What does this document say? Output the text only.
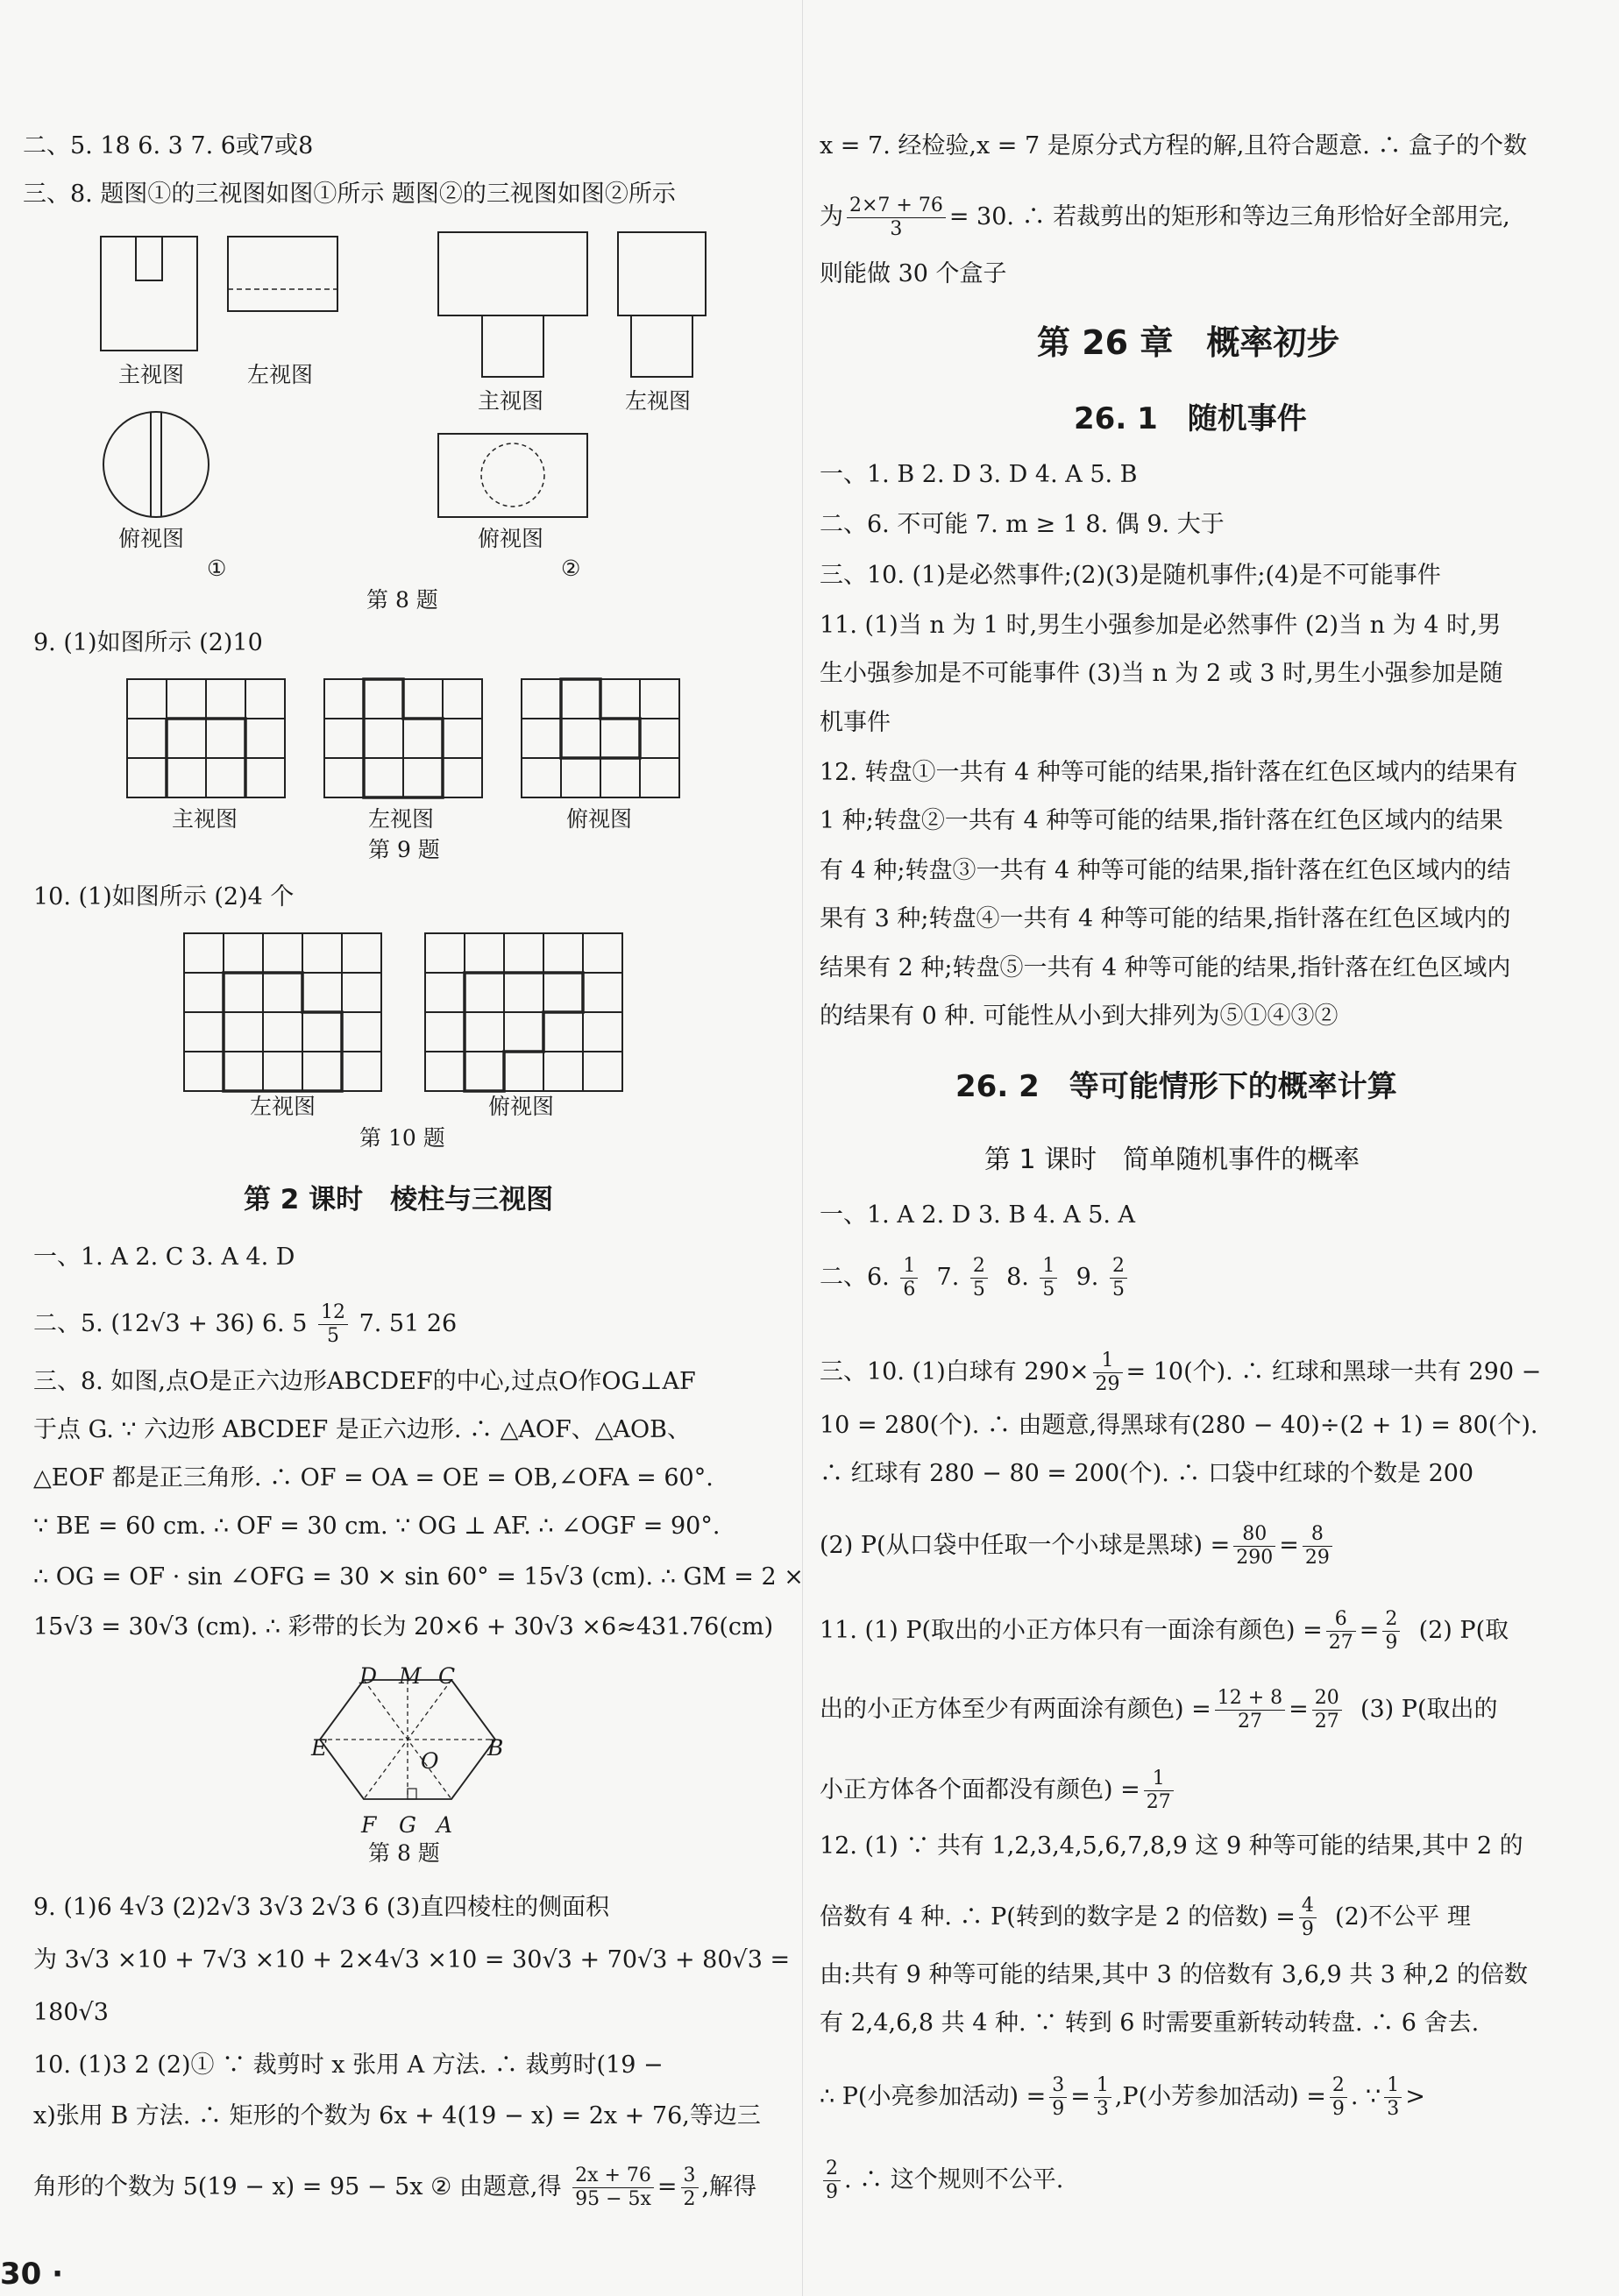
二、5. 18 6. 3 7. 6或7或8
三、8. 题图①的三视图如图①所示 题图②的三视图如图②所示
主视图	左视图
主视图	左视图
俯视图	俯视图
①	②
第 8 题
9. (1)如图所示 (2)10
主视图	左视图	俯视图
第 9 题
10. (1)如图所示 (2)4 个
左视图	俯视图
第 10 题
第 2 课时　棱柱与三视图
一、1. A 2. C 3. A 4. D
二、5. (12√3 + 36) 6. $5 \frac{12}{5} 7$. 51 26
三、8. 如图,点O是正六边形ABCDEF的中心,过点O作OG⊥AF
于点 G. ∵ 六边形 ABCDEF 是正六边形. ∴ △AOF、△AOB、
△EOF 都是正三角形. ∴ OF = OA = OE = OB,∠OFA = 60°.
∵ BE = 60 cm. ∴ OF = 30 cm. ∵ OG ⊥ AF. ∴ ∠OGF = 90°.
∴ OG = OF · sin ∠OFG = 30 × sin 60° = 15√3 (cm). ∴ GM = 2 ×
15√3 = 30√3 (cm). ∴ 彩带的长为 20×6 + 30√3 ×6≈431.76(cm)
D M C
E	B
O
F G A
第 8 题
9. (1)6 4√3 (2)2√3 3√3 2√3 6 (3)直四棱柱的侧面积
为 3√3 ×10 + 7√3 ×10 + 2×4√3 ×10 = 30√3 + 70√3 + 80√3 =
180√3
10. (1)3 2 (2)① ∵ 裁剪时 x 张用 A 方法. ∴ 裁剪时(19 −
x)张用 B 方法. ∴ 矩形的个数为 6x + 4(19 − x) = 2x + 76,等边三
角形的个数为 5(19 − x) = 95 − 5x ② 由题意,得 $\frac{2x + 76}{95 - 5x} = \frac{3}{2}$ ,解得
30 ·
x = 7. 经检验,x = 7 是原分式方程的解,且符合题意. ∴ 盒子的个数
为 $\frac{2\times 7 + 76}{3} = 30$. ∴ 若裁剪出的矩形和等边三角形恰好全部用完,
则能做 30 个盒子
第 26 章　概率初步
26. 1　随机事件
一、1. B 2. D 3. D 4. A 5. B
二、6. 不可能 7. m ≥ 1 8. 偶 9. 大于
三、10. (1)是必然事件;(2)(3)是随机事件;(4)是不可能事件
11. (1)当 n 为 1 时,男生小强参加是必然事件 (2)当 n 为 4 时,男
生小强参加是不可能事件 (3)当 n 为 2 或 3 时,男生小强参加是随
机事件
12. 转盘①一共有 4 种等可能的结果,指针落在红色区域内的结果有
1 种;转盘②一共有 4 种等可能的结果,指针落在红色区域内的结果
有 4 种;转盘③一共有 4 种等可能的结果,指针落在红色区域内的结
果有 3 种;转盘④一共有 4 种等可能的结果,指针落在红色区域内的
结果有 2 种;转盘⑤一共有 4 种等可能的结果,指针落在红色区域内
的结果有 0 种. 可能性从小到大排列为⑤①④③②
26. 2　等可能情形下的概率计算
第 1 课时　简单随机事件的概率
一、1. A 2. D 3. B 4. A 5. A
二、6. $\frac{1}{6} 7$. $\frac{2}{5} 8$. $\frac{1}{5} 9$. $\frac{2}{5}$
三、10. (1)白球有 $290\times \frac{1}{29} = 10$(个). ∴ 红球和黑球一共有 290 −
10 = 280(个). ∴ 由题意,得黑球有(280 − 40)÷(2 + 1) = 80(个).
∴ 红球有 280 − 80 = 200(个). ∴ 口袋中红球的个数是 200
(2) P(从口袋中任取一个小球是黑球) = $\frac{80}{290} = \frac{8}{29}$
11. (1) P(取出的小正方体只有一面涂有颜色) = $\frac{6}{27} = \frac{2}{9} (2)$ P(取
出的小正方体至少有两面涂有颜色) = $\frac{12 + 8}{27} = \frac{20}{27} (3)$ P(取出的
小正方体各个面都没有颜色) = $\frac{1}{27}$
12. (1) ∵ 共有 1,2,3,4,5,6,7,8,9 这 9 种等可能的结果,其中 2 的
倍数有 4 种. ∴ P(转到的数字是 2 的倍数) = $\frac{4}{9} (2)$不公平 理
由:共有 9 种等可能的结果,其中 3 的倍数有 3,6,9 共 3 种,2 的倍数
有 2,4,6,8 共 4 种. ∵ 转到 6 时需要重新转动转盘. ∴ 6 舍去.
∴ P(小亮参加活动) = $\frac{3}{9} = \frac{1}{3} ,P$(小芳参加活动) = $\frac{2}{9}$ . ∵ $\frac{1}{3}$ >
$\frac{2}{9}$ . ∴ 这个规则不公平.
